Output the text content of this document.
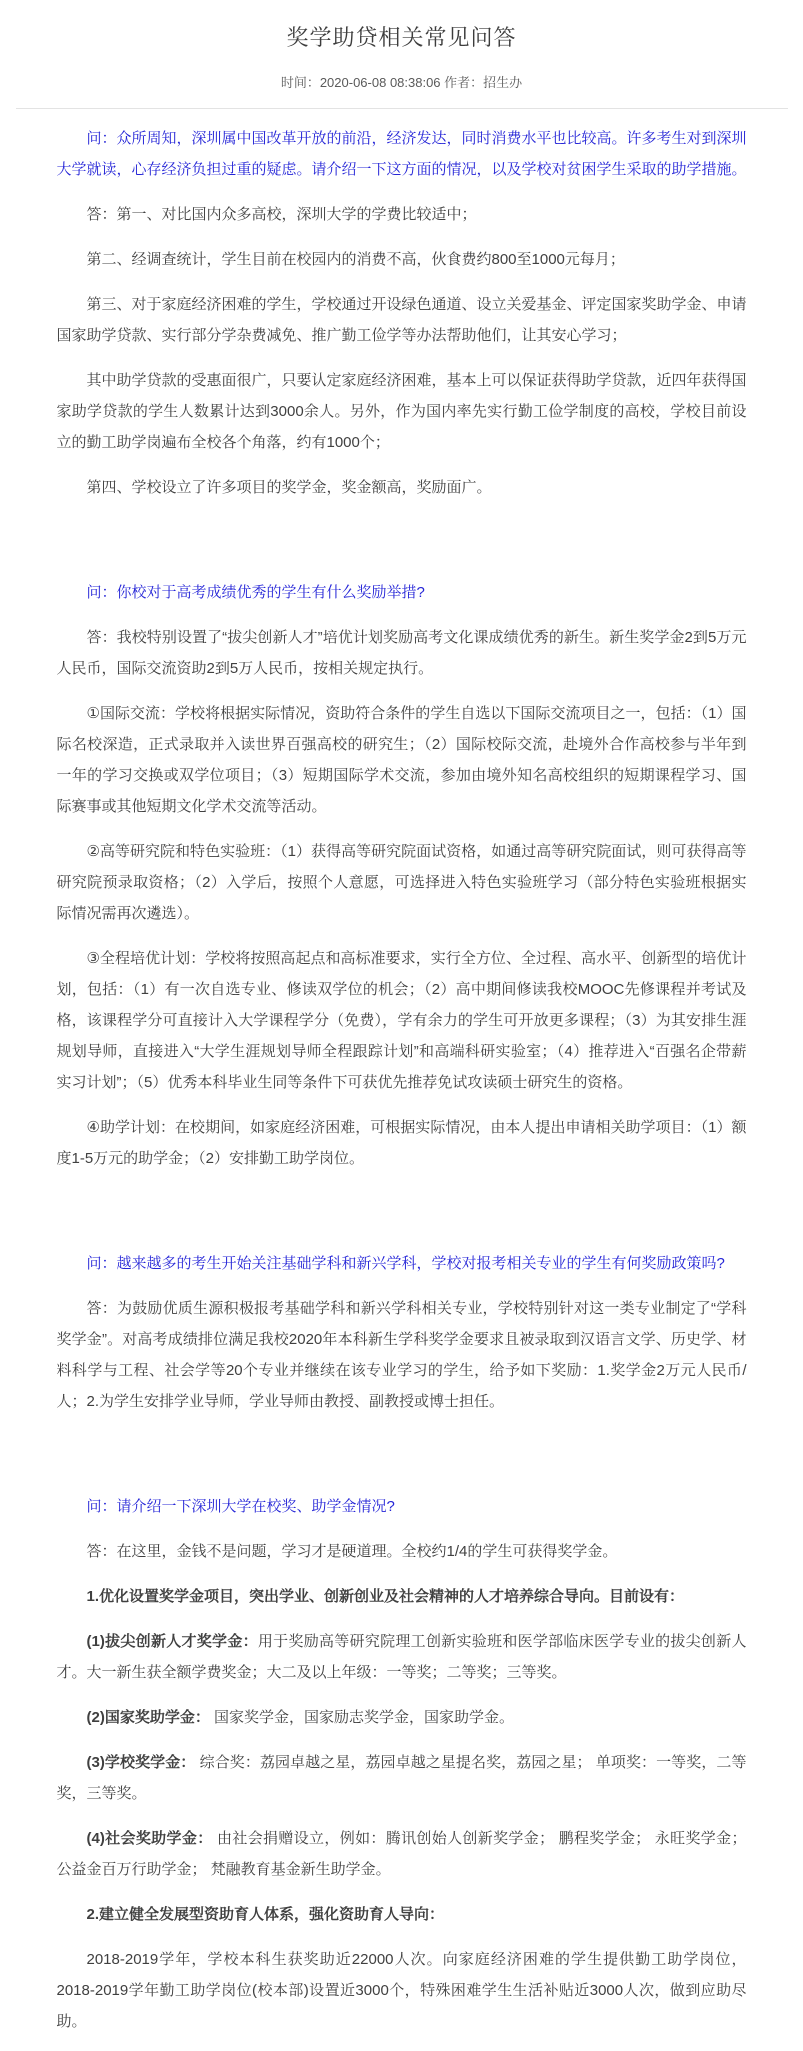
奖学助贷相关常见问答
时间：2020-06-08 08:38:06 作者：招生办

问：众所周知，深圳属中国改革开放的前沿，经济发达，同时消费水平也比较高。许多考生对到深圳大学就读，心存经济负担过重的疑虑。请介绍一下这方面的情况，以及学校对贫困学生采取的助学措施。

答：第一、对比国内众多高校，深圳大学的学费比较适中；

第二、经调查统计，学生目前在校园内的消费不高，伙食费约800至1000元每月；

第三、对于家庭经济困难的学生，学校通过开设绿色通道、设立关爱基金、评定国家奖助学金、申请国家助学贷款、实行部分学杂费减免、推广勤工俭学等办法帮助他们，让其安心学习；

其中助学贷款的受惠面很广，只要认定家庭经济困难，基本上可以保证获得助学贷款，近四年获得国家助学贷款的学生人数累计达到3000余人。另外，作为国内率先实行勤工俭学制度的高校，学校目前设立的勤工助学岗遍布全校各个角落，约有1000个；

第四、学校设立了许多项目的奖学金，奖金额高，奖励面广。

问：你校对于高考成绩优秀的学生有什么奖励举措?

答：我校特别设置了“拔尖创新人才”培优计划奖励高考文化课成绩优秀的新生。新生奖学金2到5万元人民币，国际交流资助2到5万人民币，按相关规定执行。

①国际交流：学校将根据实际情况，资助符合条件的学生自选以下国际交流项目之一，包括：（1）国际名校深造，正式录取并入读世界百强高校的研究生；（2）国际校际交流，赴境外合作高校参与半年到一年的学习交换或双学位项目；（3）短期国际学术交流，参加由境外知名高校组织的短期课程学习、国际赛事或其他短期文化学术交流等活动。

②高等研究院和特色实验班：（1）获得高等研究院面试资格，如通过高等研究院面试，则可获得高等研究院预录取资格；（2）入学后，按照个人意愿，可选择进入特色实验班学习（部分特色实验班根据实际情况需再次遴选）。

③全程培优计划：学校将按照高起点和高标准要求，实行全方位、全过程、高水平、创新型的培优计划，包括：（1）有一次自选专业、修读双学位的机会；（2）高中期间修读我校MOOC先修课程并考试及格，该课程学分可直接计入大学课程学分（免费），学有余力的学生可开放更多课程；（3）为其安排生涯规划导师，直接进入“大学生涯规划导师全程跟踪计划”和高端科研实验室；（4）推荐进入“百强名企带薪实习计划”；（5）优秀本科毕业生同等条件下可获优先推荐免试攻读硕士研究生的资格。

④助学计划：在校期间，如家庭经济困难，可根据实际情况，由本人提出申请相关助学项目：（1）额度1-5万元的助学金；（2）安排勤工助学岗位。

问：越来越多的考生开始关注基础学科和新兴学科，学校对报考相关专业的学生有何奖励政策吗?

答：为鼓励优质生源积极报考基础学科和新兴学科相关专业，学校特别针对这一类专业制定了“学科奖学金”。对高考成绩排位满足我校2020年本科新生学科奖学金要求且被录取到汉语言文学、历史学、材料科学与工程、社会学等20个专业并继续在该专业学习的学生，给予如下奖励：1.奖学金2万元人民币/人；2.为学生安排学业导师，学业导师由教授、副教授或博士担任。

问：请介绍一下深圳大学在校奖、助学金情况?

答：在这里，金钱不是问题，学习才是硬道理。全校约1/4的学生可获得奖学金。

1.优化设置奖学金项目，突出学业、创新创业及社会精神的人才培养综合导向。目前设有：

(1)拔尖创新人才奖学金：用于奖励高等研究院理工创新实验班和医学部临床医学专业的拔尖创新人才。大一新生获全额学费奖金；大二及以上年级：一等奖；二等奖；三等奖。

(2)国家奖助学金： 国家奖学金，国家励志奖学金，国家助学金。

(3)学校奖学金： 综合奖：荔园卓越之星，荔园卓越之星提名奖，荔园之星； 单项奖：一等奖，二等奖，三等奖。

(4)社会奖助学金： 由社会捐赠设立，例如：腾讯创始人创新奖学金； 鹏程奖学金； 永旺奖学金； 公益金百万行助学金； 梵融教育基金新生助学金。

2.建立健全发展型资助育人体系，强化资助育人导向：

2018-2019学年，学校本科生获奖助近22000人次。向家庭经济困难的学生提供勤工助学岗位，2018-2019学年勤工助学岗位(校本部)设置近3000个，特殊困难学生生活补贴近3000人次，做到应助尽助。
